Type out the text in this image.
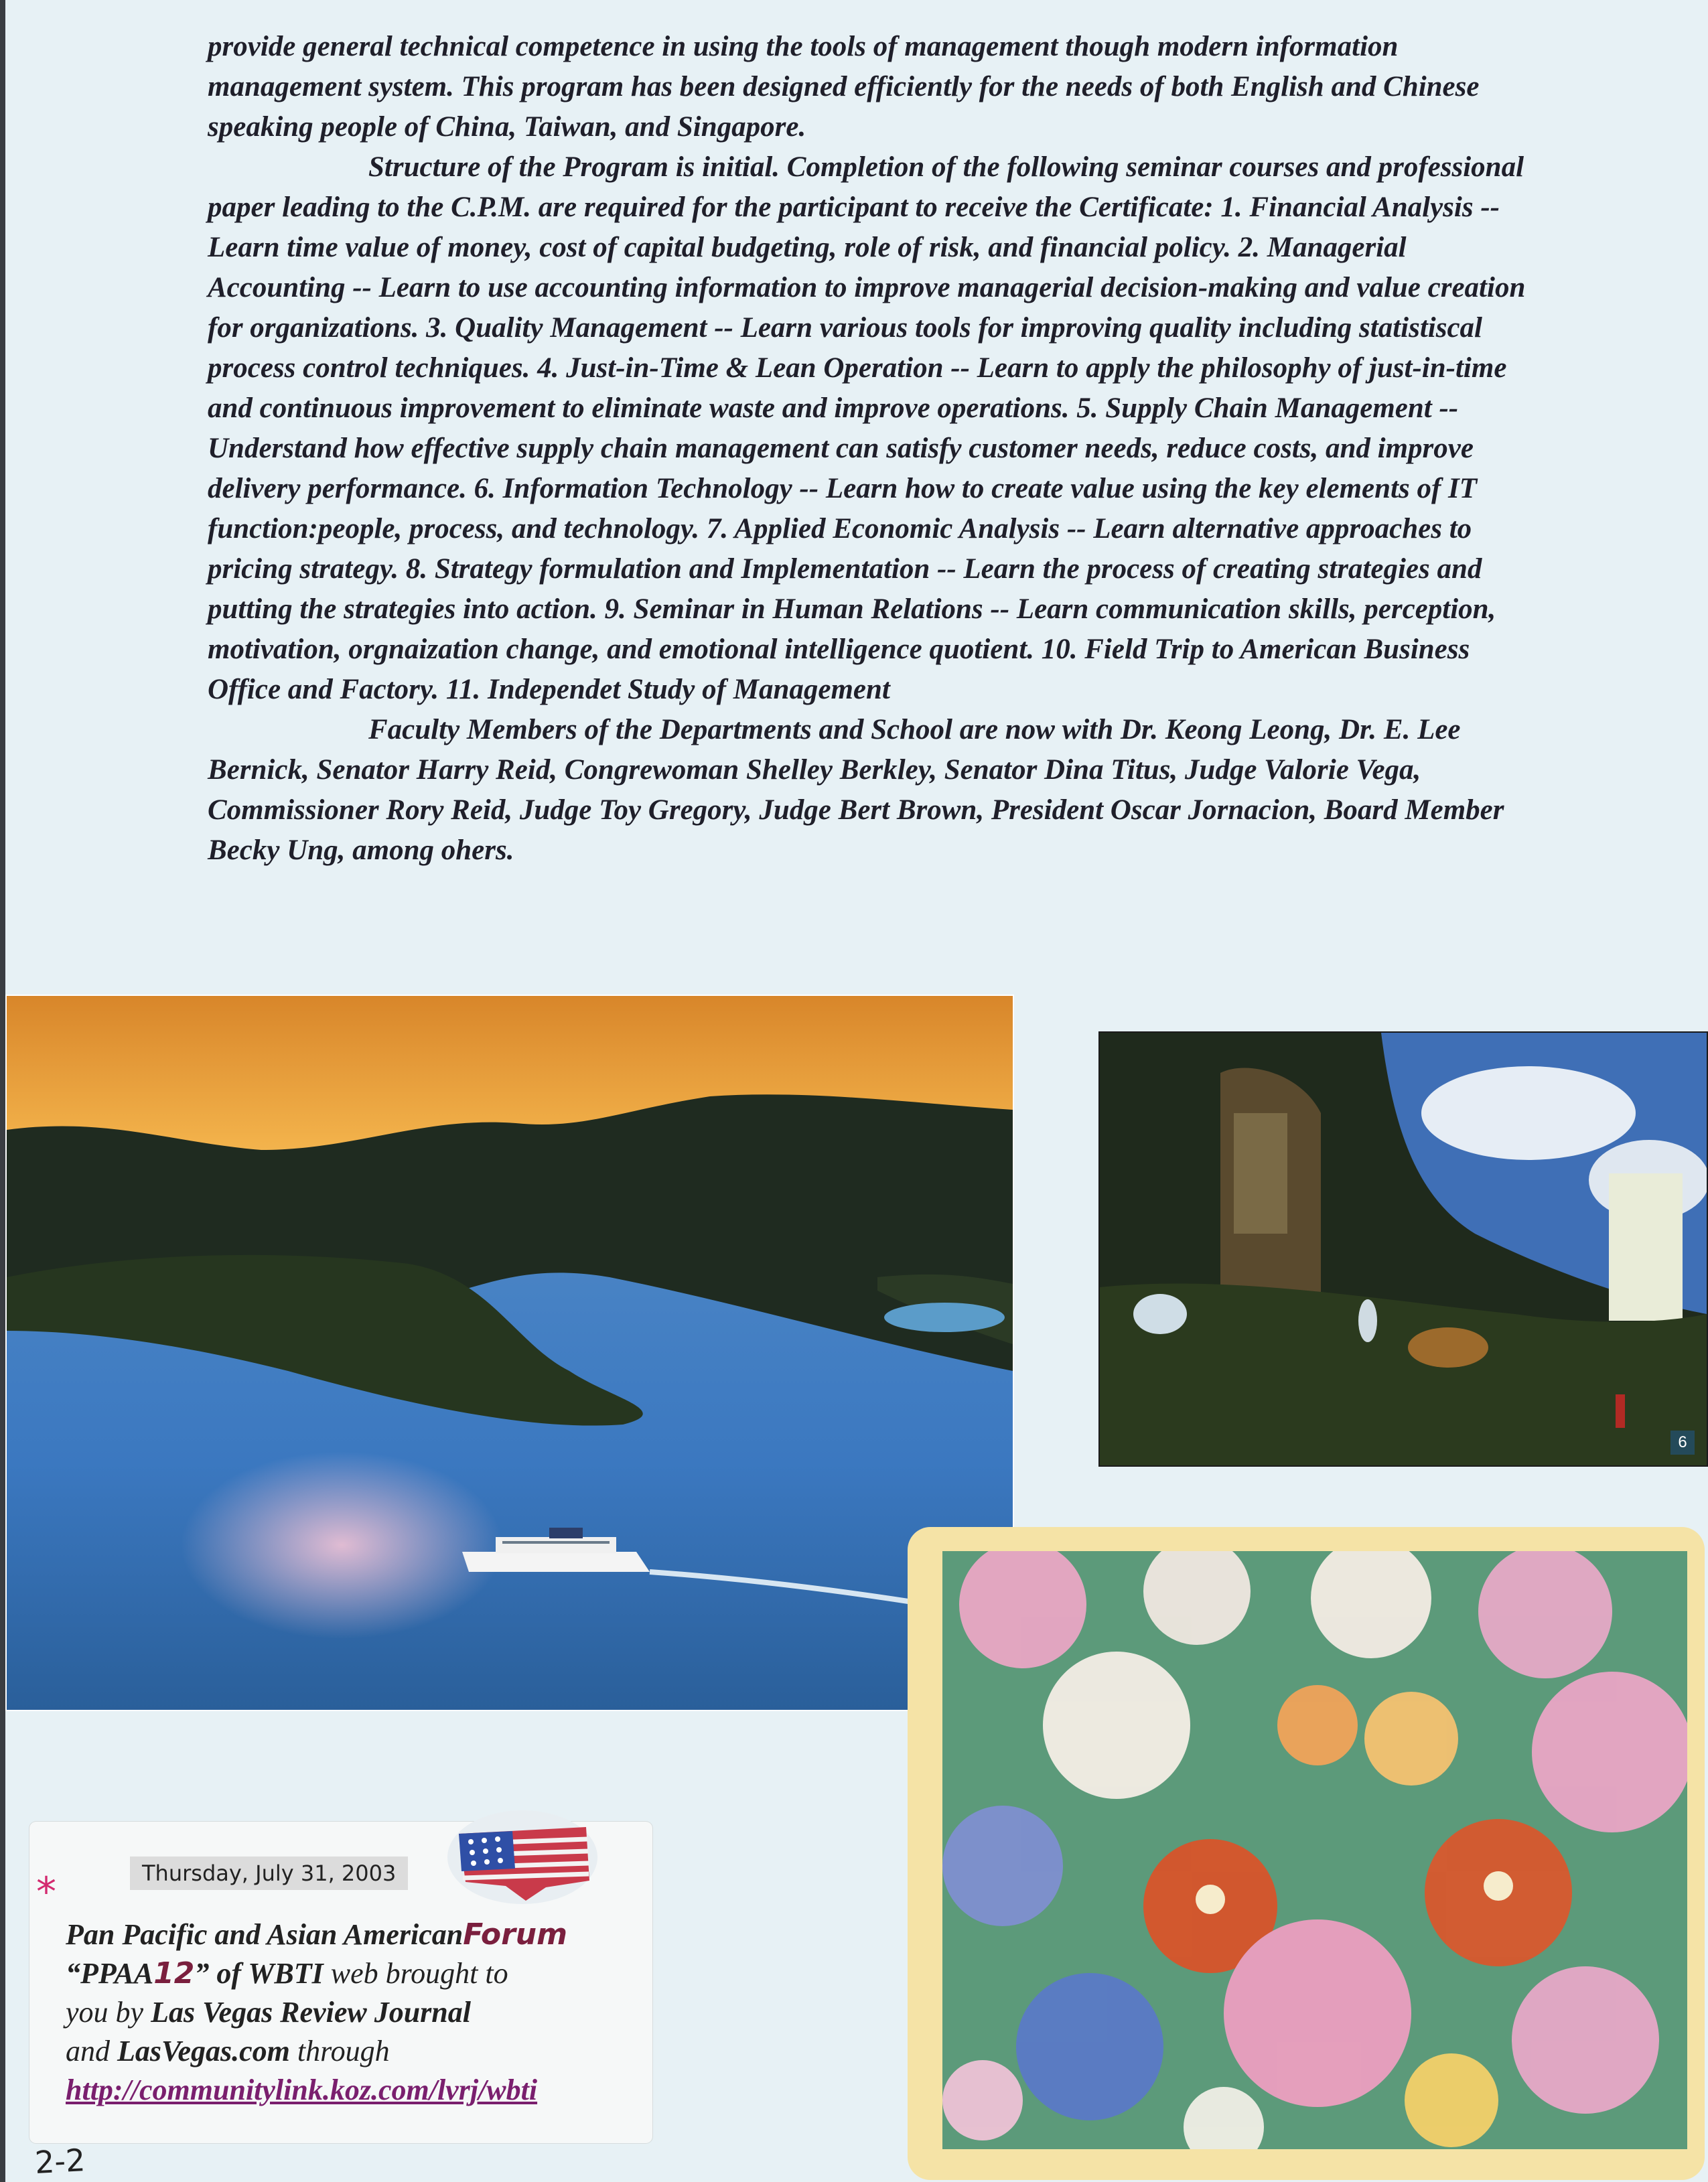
provide general technical competence in using the tools of management though modern information management system. This program has been designed efficiently for the needs of both English and Chinese speaking people of China, Taiwan, and Singapore.

Structure of the Program is initial. Completion of the following seminar courses and professional paper leading to the C.P.M. are required for the participant to receive the Certificate: 1. Financial Analysis -- Learn time value of money, cost of capital budgeting, role of risk, and financial policy. 2. Managerial Accounting -- Learn to use accounting information to improve managerial decision-making and value creation for organizations. 3. Quality Management -- Learn various tools for improving quality including statistiscal process control techniques. 4. Just-in-Time & Lean Operation -- Learn to apply the philosophy of just-in-time and continuous improvement to eliminate waste and improve operations. 5. Supply Chain Management -- Understand how effective supply chain management can satisfy customer needs, reduce costs, and improve delivery performance. 6. Information Technology -- Learn how to create value using the key elements of IT function:people, process, and technology. 7. Applied Economic Analysis -- Learn alternative approaches to pricing strategy. 8. Strategy formulation and Implementation -- Learn the process of creating strategies and putting the strategies into action. 9. Seminar in Human Relations -- Learn communication skills, perception, motivation, orgnaization change, and emotional intelligence quotient. 10. Field Trip to American Business Office and Factory. 11. Independet Study of Management

Faculty Members of the Departments and School are now with Dr. Keong Leong, Dr. E. Lee Bernick, Senator Harry Reid, Congrewoman Shelley Berkley, Senator Dina Titus, Judge Valorie Vega, Commissioner Rory Reid, Judge Toy Gregory, Judge Bert Brown, President Oscar Jornacion, Board Member Becky Ung, among ohers.

6
Thursday, July 31, 2003
*
Pan Pacific and Asian AmericanForum
“PPAA12” of WBTI web brought to
you by Las Vegas Review Journal
and LasVegas.com through
http://communitylink.koz.com/lvrj/wbti
2-2
